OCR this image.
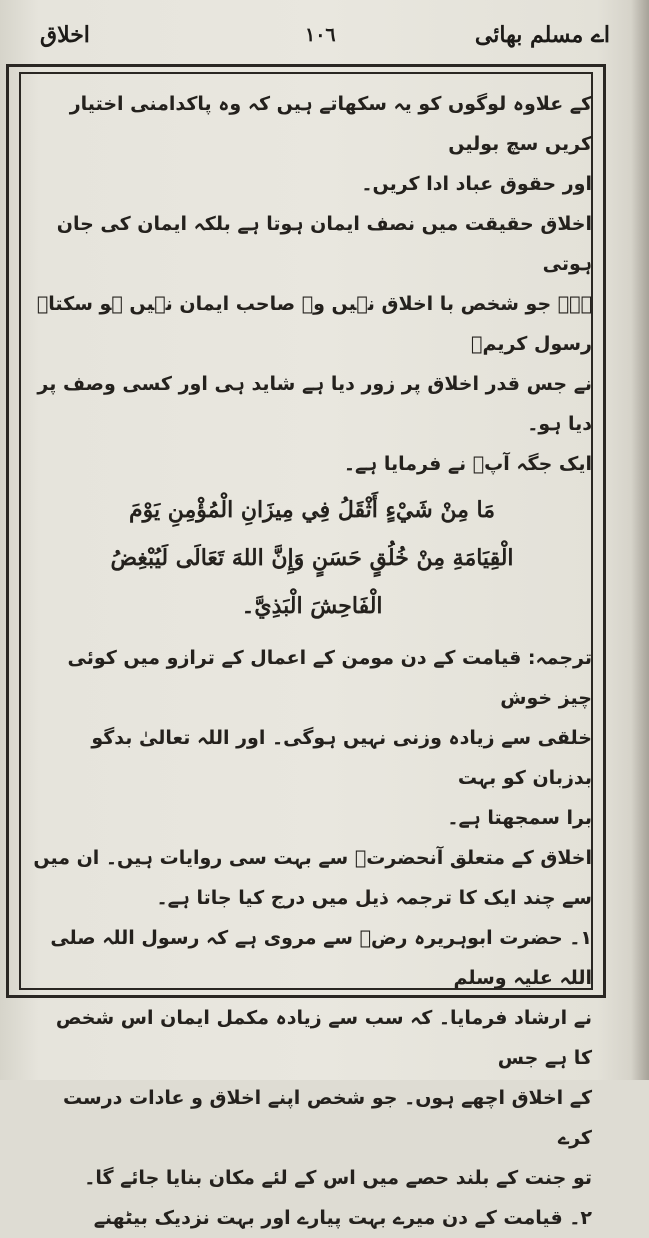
اے مسلم بھائی
١٠٦
اخلاق

کے علاوہ لوگوں کو یہ سکھاتے ہیں کہ وہ پاکدامنی اختیار کریں سچ بولیں

اور حقوق عباد ادا کریں۔

اخلاق حقیقت میں نصف ایمان ہوتا ہے بلکہ ایمان کی جان ہوتی

ہے۔ جو شخص با اخلاق نہیں وہ صاحب ایمان نہیں ہو سکتا۔ رسول کریمؐ

نے جس قدر اخلاق پر زور دیا ہے شاید ہی اور کسی وصف پر دیا ہو۔

ایک جگہ آپؐ نے فرمایا ہے۔

مَا مِنْ شَيْءٍ أَثْقَلُ فِي مِيزَانِ الْمُؤْمِنِ يَوْمَ

الْقِيَامَةِ مِنْ خُلُقٍ حَسَنٍ وَإِنَّ اللهَ تَعَالَى لَيُبْغِضُ

الْفَاحِشَ الْبَذِيَّ۔

ترجمہ: قیامت کے دن مومن کے اعمال کے ترازو میں کوئی چیز خوش

خلقی سے زیادہ وزنی نہیں ہوگی۔ اور اللہ تعالیٰ بدگو بدزبان کو بہت

برا سمجھتا ہے۔

اخلاق کے متعلق آنحضرتؐ سے بہت سی روایات ہیں۔ ان میں

سے چند ایک کا ترجمہ ذیل میں درج کیا جاتا ہے۔

۱۔ حضرت ابوہریرہ رضؓ سے مروی ہے کہ رسول اللہ صلی اللہ علیہ وسلم

نے ارشاد فرمایا۔ کہ سب سے زیادہ مکمل ایمان اس شخص کا ہے جس

کے اخلاق اچھے ہوں۔ جو شخص اپنے اخلاق و عادات درست کرے

تو جنت کے بلند حصے میں اس کے لئے مکان بنایا جائے گا۔

۲۔ قیامت کے دن میرے بہت پیارے اور بہت نزدیک بیٹھنے
